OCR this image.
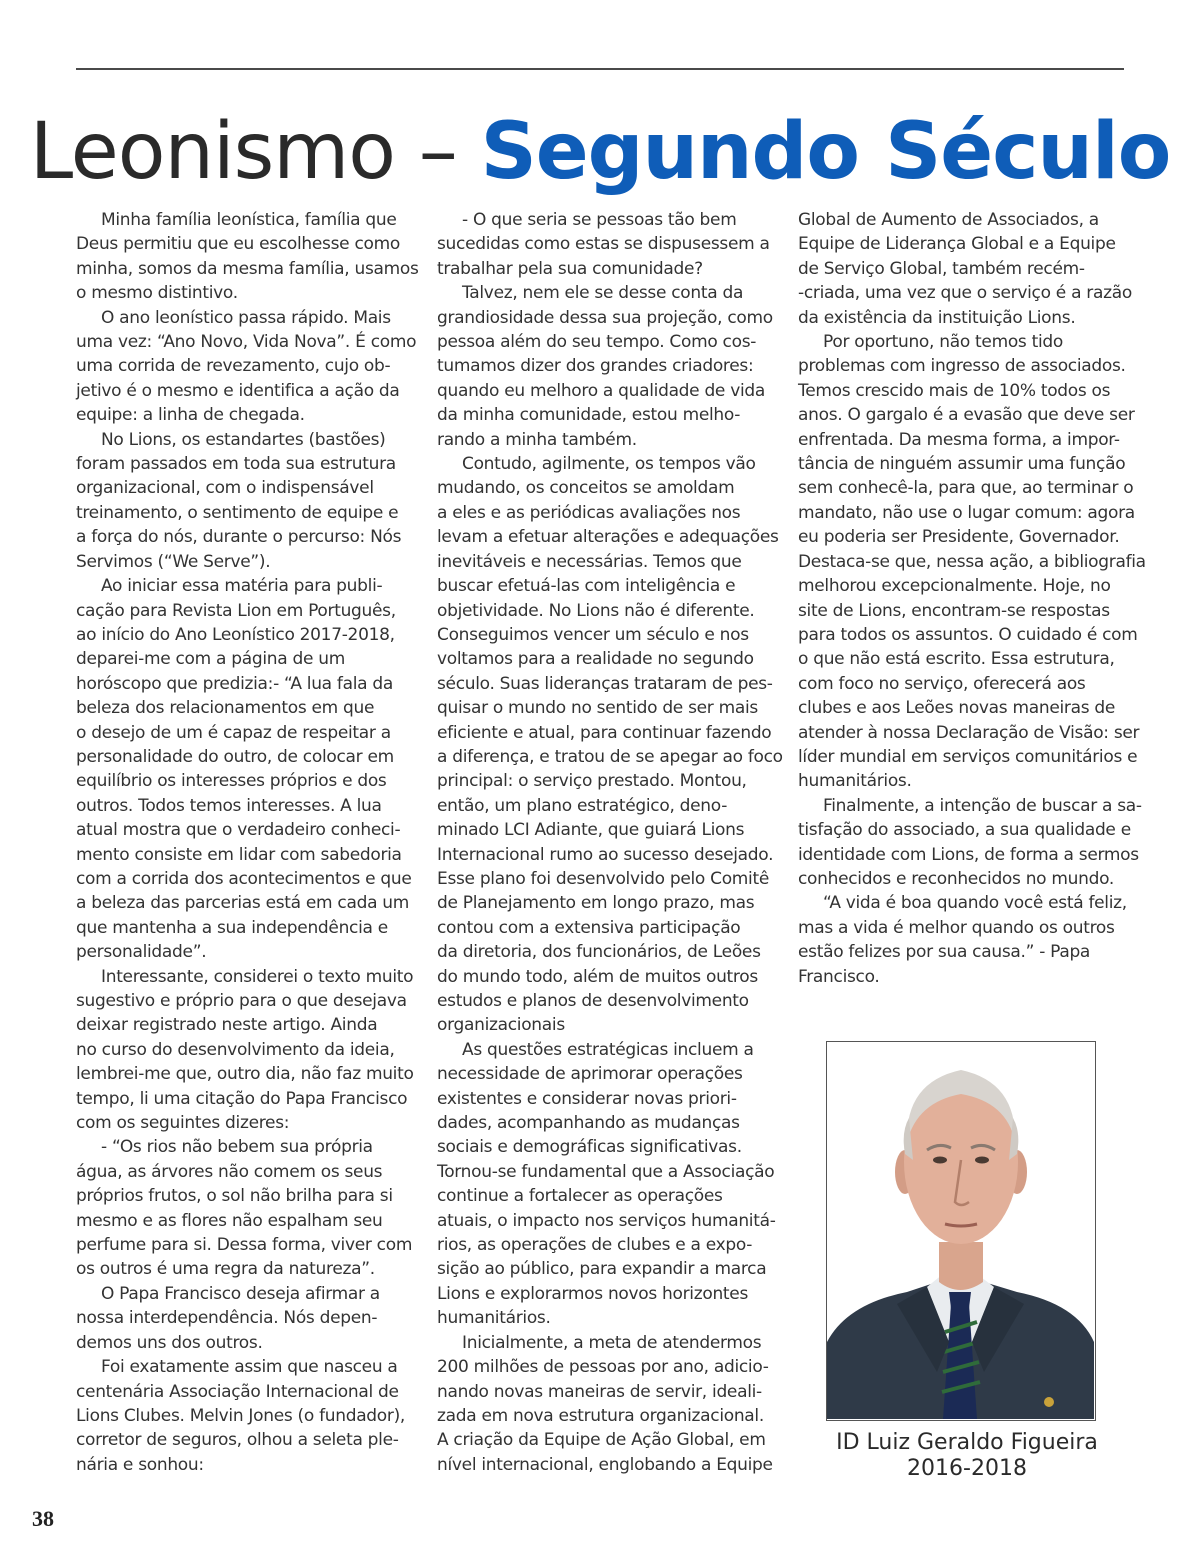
Leonismo – Segundo Século

Minha família leonística, família que
Deus permitiu que eu escolhesse como
minha, somos da mesma família, usamos
o mesmo distintivo.

O ano leonístico passa rápido. Mais
uma vez: “Ano Novo, Vida Nova”. É como
uma corrida de revezamento, cujo ob-
jetivo é o mesmo e identifica a ação da
equipe: a linha de chegada.

No Lions, os estandartes (bastões)
foram passados em toda sua estrutura
organizacional, com o indispensável
treinamento, o sentimento de equipe e
a força do nós, durante o percurso: Nós
Servimos (“We Serve”).

Ao iniciar essa matéria para publi-
cação para Revista Lion em Português,
ao início do Ano Leonístico 2017-2018,
deparei-me com a página de um
horóscopo que predizia:- “A lua fala da
beleza dos relacionamentos em que
o desejo de um é capaz de respeitar a
personalidade do outro, de colocar em
equilíbrio os interesses próprios e dos
outros. Todos temos interesses. A lua
atual mostra que o verdadeiro conheci-
mento consiste em lidar com sabedoria
com a corrida dos acontecimentos e que
a beleza das parcerias está em cada um
que mantenha a sua independência e
personalidade”.

Interessante, considerei o texto muito
sugestivo e próprio para o que desejava
deixar registrado neste artigo. Ainda
no curso do desenvolvimento da ideia,
lembrei-me que, outro dia, não faz muito
tempo, li uma citação do Papa Francisco
com os seguintes dizeres:

- “Os rios não bebem sua própria
água, as árvores não comem os seus
próprios frutos, o sol não brilha para si
mesmo e as flores não espalham seu
perfume para si. Dessa forma, viver com
os outros é uma regra da natureza”.

O Papa Francisco deseja afirmar a
nossa interdependência. Nós depen-
demos uns dos outros.

Foi exatamente assim que nasceu a
centenária Associação Internacional de
Lions Clubes. Melvin Jones (o fundador),
corretor de seguros, olhou a seleta ple-
nária e sonhou:

- O que seria se pessoas tão bem
sucedidas como estas se dispusessem a
trabalhar pela sua comunidade?

Talvez, nem ele se desse conta da
grandiosidade dessa sua projeção, como
pessoa além do seu tempo. Como cos-
tumamos dizer dos grandes criadores:
quando eu melhoro a qualidade de vida
da minha comunidade, estou melho-
rando a minha também.

Contudo, agilmente, os tempos vão
mudando, os conceitos se amoldam
a eles e as periódicas avaliações nos
levam a efetuar alterações e adequações
inevitáveis e necessárias. Temos que
buscar efetuá-las com inteligência e
objetividade. No Lions não é diferente.
Conseguimos vencer um século e nos
voltamos para a realidade no segundo
século. Suas lideranças trataram de pes-
quisar o mundo no sentido de ser mais
eficiente e atual, para continuar fazendo
a diferença, e tratou de se apegar ao foco
principal: o serviço prestado. Montou,
então, um plano estratégico, deno-
minado LCI Adiante, que guiará Lions
Internacional rumo ao sucesso desejado.
Esse plano foi desenvolvido pelo Comitê
de Planejamento em longo prazo, mas
contou com a extensiva participação
da diretoria, dos funcionários, de Leões
do mundo todo, além de muitos outros
estudos e planos de desenvolvimento
organizacionais

As questões estratégicas incluem a
necessidade de aprimorar operações
existentes e considerar novas priori-
dades, acompanhando as mudanças
sociais e demográficas significativas.
Tornou-se fundamental que a Associação
continue a fortalecer as operações
atuais, o impacto nos serviços humanitá-
rios, as operações de clubes e a expo-
sição ao público, para expandir a marca
Lions e explorarmos novos horizontes
humanitários.

Inicialmente, a meta de atendermos
200 milhões de pessoas por ano, adicio-
nando novas maneiras de servir, ideali-
zada em nova estrutura organizacional.
A criação da Equipe de Ação Global, em
nível internacional, englobando a Equipe

Global de Aumento de Associados, a
Equipe de Liderança Global e a Equipe
de Serviço Global, também recém-
-criada, uma vez que o serviço é a razão
da existência da instituição Lions.

Por oportuno, não temos tido
problemas com ingresso de associados.
Temos crescido mais de 10% todos os
anos. O gargalo é a evasão que deve ser
enfrentada. Da mesma forma, a impor-
tância de ninguém assumir uma função
sem conhecê-la, para que, ao terminar o
mandato, não use o lugar comum: agora
eu poderia ser Presidente, Governador.
Destaca-se que, nessa ação, a bibliografia
melhorou excepcionalmente. Hoje, no
site de Lions, encontram-se respostas
para todos os assuntos. O cuidado é com
o que não está escrito. Essa estrutura,
com foco no serviço, oferecerá aos
clubes e aos Leões novas maneiras de
atender à nossa Declaração de Visão: ser
líder mundial em serviços comunitários e
humanitários.

Finalmente, a intenção de buscar a sa-
tisfação do associado, a sua qualidade e
identidade com Lions, de forma a sermos
conhecidos e reconhecidos no mundo.

“A vida é boa quando você está feliz,
mas a vida é melhor quando os outros
estão felizes por sua causa.” - Papa
Francisco.

ID Luiz Geraldo Figueira
2016-2018
38
